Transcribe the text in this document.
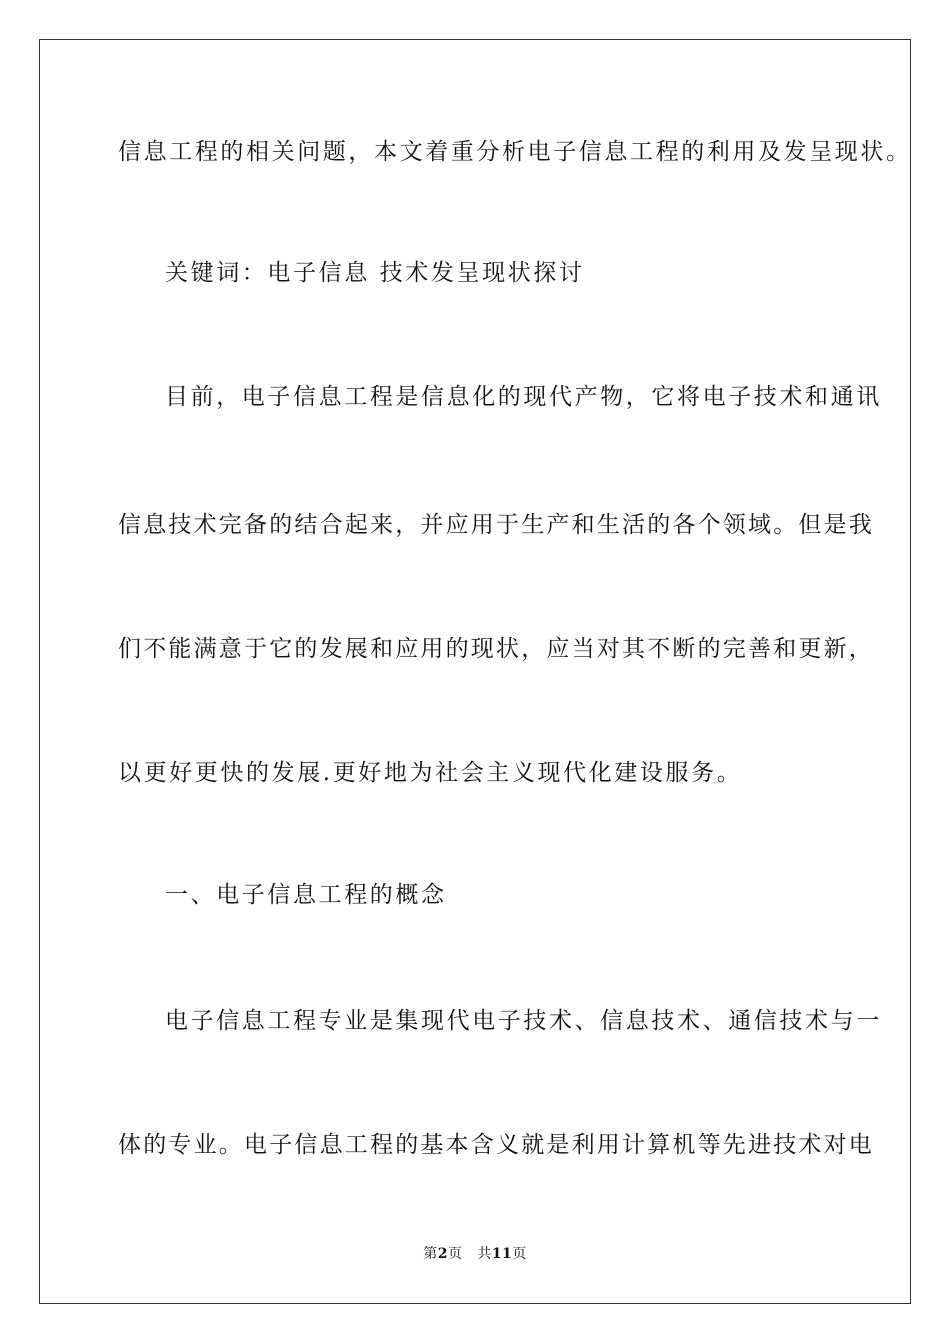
信息工程的相关问题，本文着重分析电子信息工程的利用及发呈现状。
关键词：电子信息 技术发呈现状探讨
目前，电子信息工程是信息化的现代产物，它将电子技术和通讯
信息技术完备的结合起来，并应用于生产和生活的各个领域。但是我
们不能满意于它的发展和应用的现状，应当对其不断的完善和更新，
以更好更快的发展.更好地为社会主义现代化建设服务。
一、电子信息工程的概念
电子信息工程专业是集现代电子技术、信息技术、通信技术与一
体的专业。电子信息工程的基本含义就是利用计算机等先进技术对电
第2页 共11页
